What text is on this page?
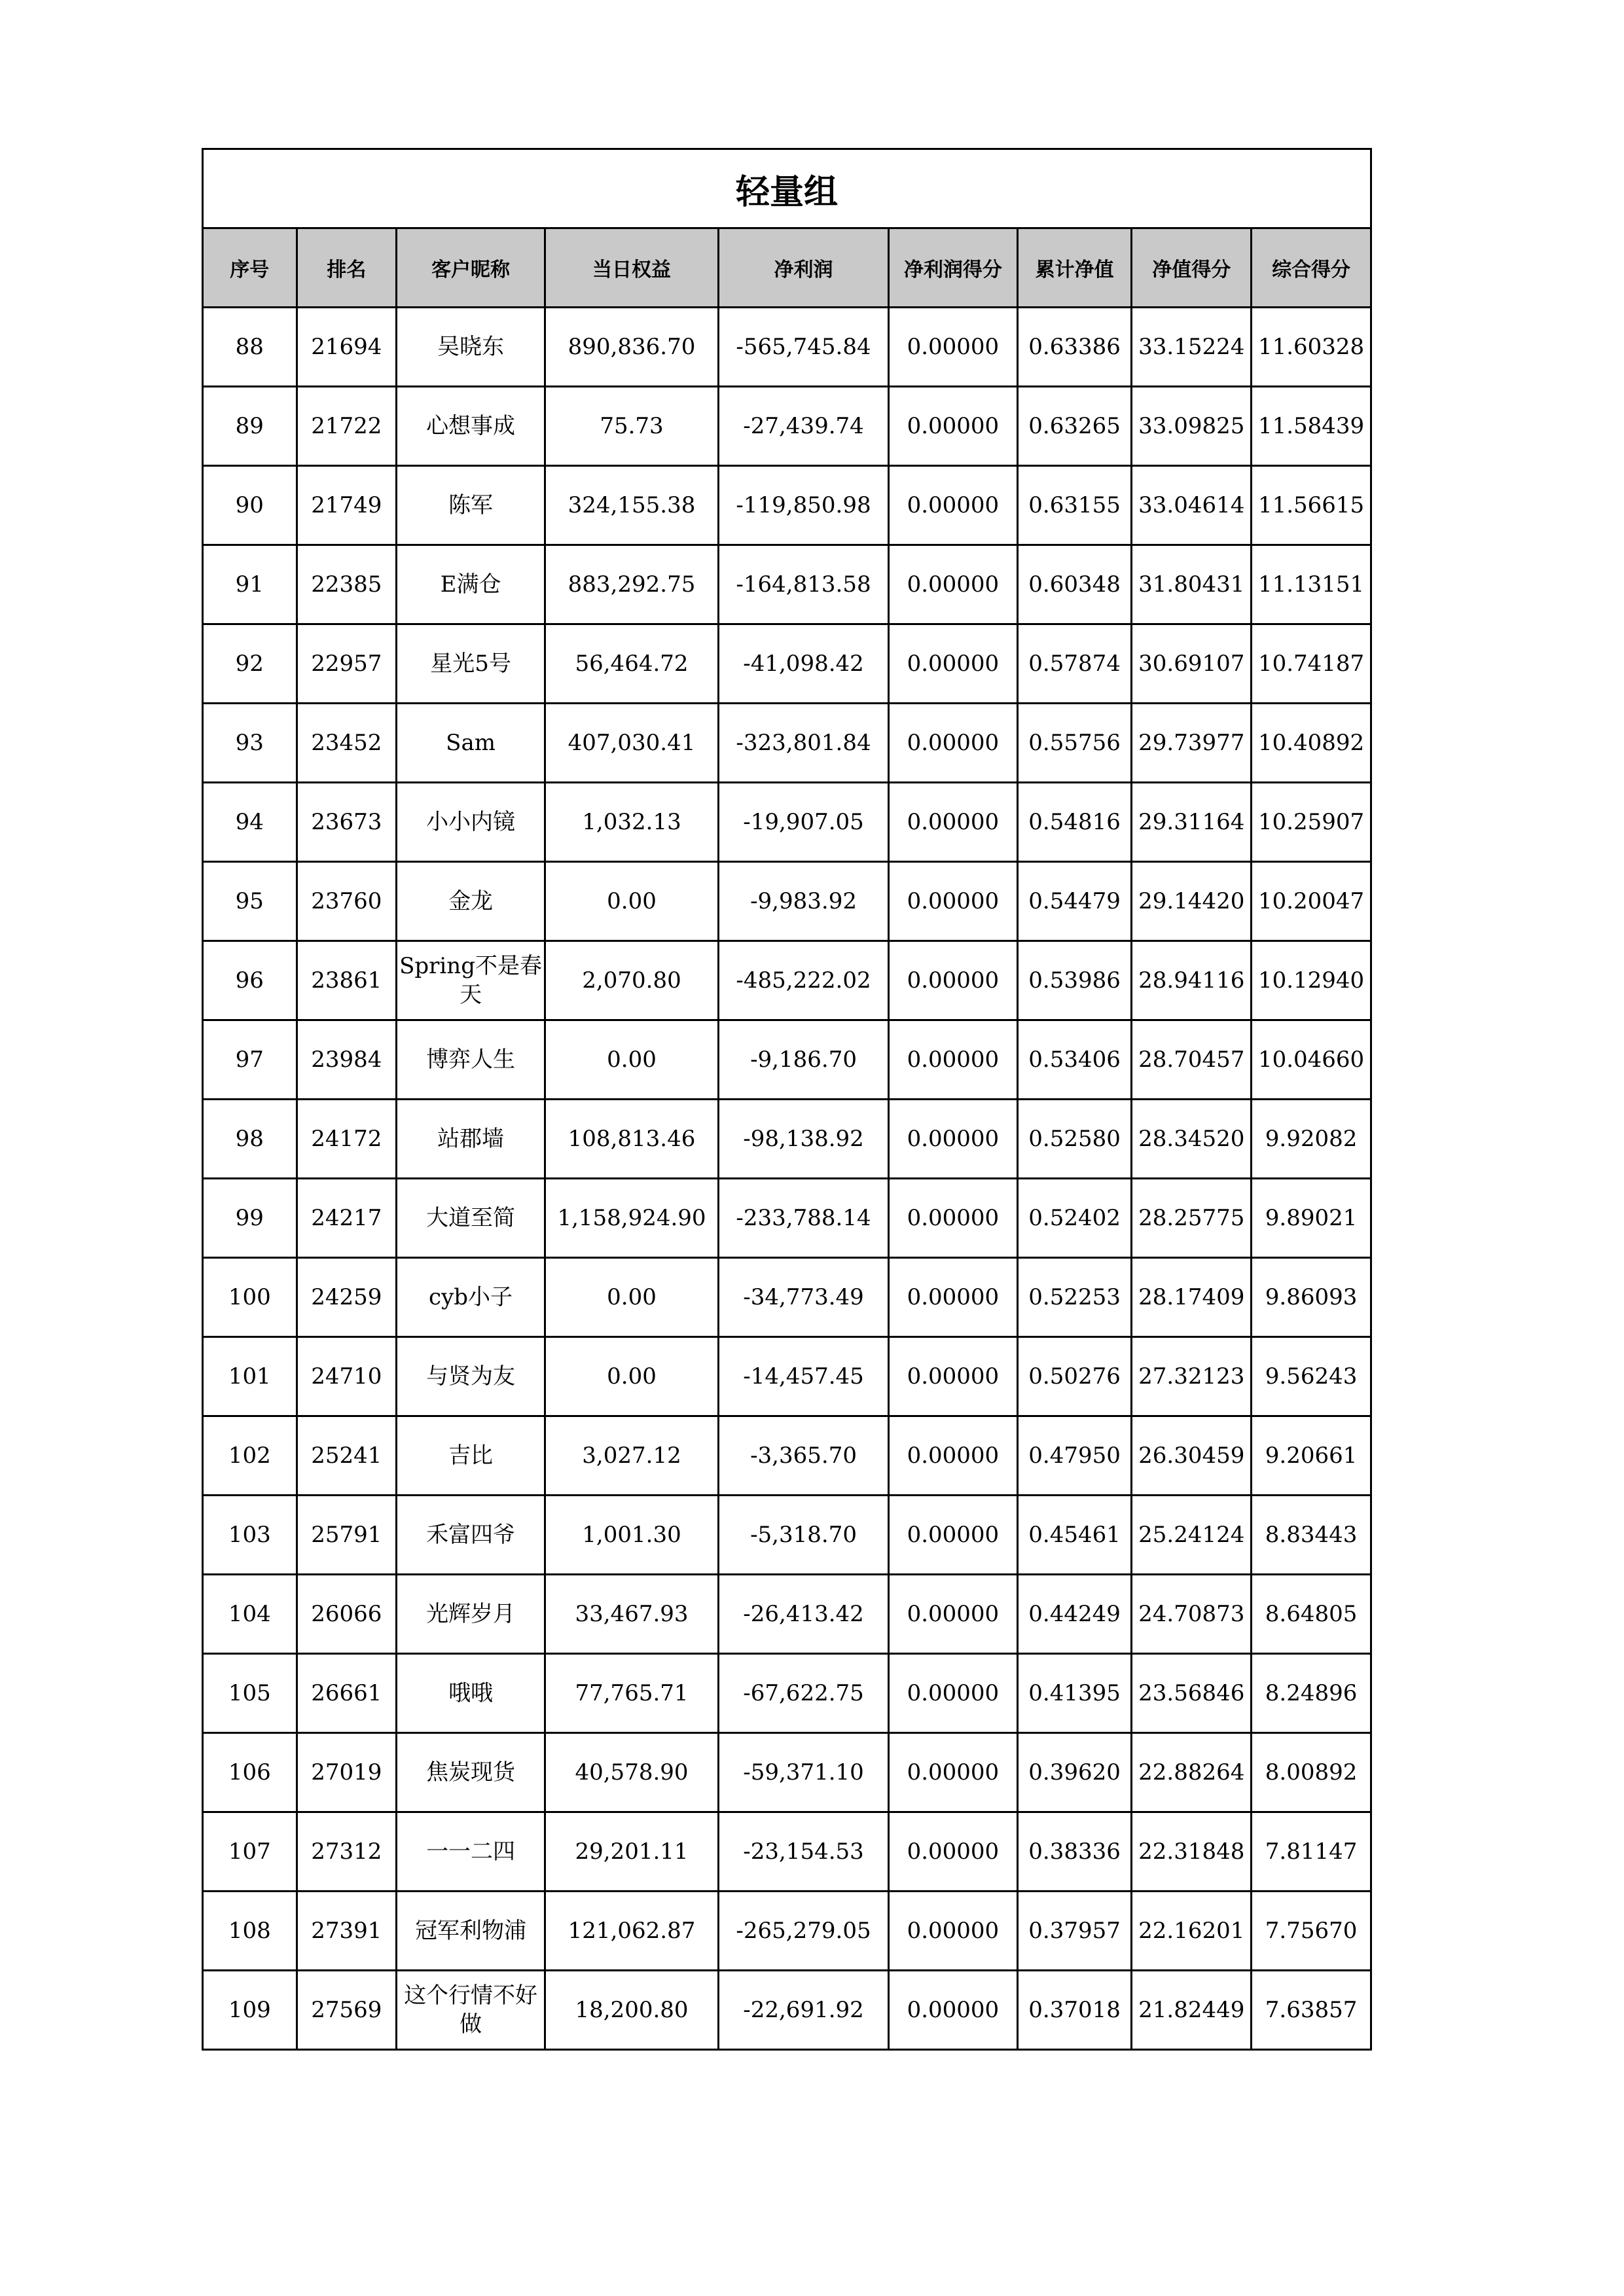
轻量组								
序号	排名	客户昵称	当日权益	净利润	净利润得分	累计净值	净值得分	综合得分
88	21694	吴晓东	890,836.70	-565,745.84	0.00000	0.63386	33.15224	11.60328
89	21722	心想事成	75.73	-27,439.74	0.00000	0.63265	33.09825	11.58439
90	21749	陈军	324,155.38	-119,850.98	0.00000	0.63155	33.04614	11.56615
91	22385	E满仓	883,292.75	-164,813.58	0.00000	0.60348	31.80431	11.13151
92	22957	星光5号	56,464.72	-41,098.42	0.00000	0.57874	30.69107	10.74187
93	23452	Sam	407,030.41	-323,801.84	0.00000	0.55756	29.73977	10.40892
94	23673	小小内镜	1,032.13	-19,907.05	0.00000	0.54816	29.31164	10.25907
95	23760	金龙	0.00	-9,983.92	0.00000	0.54479	29.14420	10.20047
96	23861	Spring不是春天	2,070.80	-485,222.02	0.00000	0.53986	28.94116	10.12940
97	23984	博弈人生	0.00	-9,186.70	0.00000	0.53406	28.70457	10.04660
98	24172	站郡墙	108,813.46	-98,138.92	0.00000	0.52580	28.34520	9.92082
99	24217	大道至简	1,158,924.90	-233,788.14	0.00000	0.52402	28.25775	9.89021
100	24259	cyb小子	0.00	-34,773.49	0.00000	0.52253	28.17409	9.86093
101	24710	与贤为友	0.00	-14,457.45	0.00000	0.50276	27.32123	9.56243
102	25241	吉比	3,027.12	-3,365.70	0.00000	0.47950	26.30459	9.20661
103	25791	禾富四爷	1,001.30	-5,318.70	0.00000	0.45461	25.24124	8.83443
104	26066	光辉岁月	33,467.93	-26,413.42	0.00000	0.44249	24.70873	8.64805
105	26661	哦哦	77,765.71	-67,622.75	0.00000	0.41395	23.56846	8.24896
106	27019	焦炭现货	40,578.90	-59,371.10	0.00000	0.39620	22.88264	8.00892
107	27312	一一二四	29,201.11	-23,154.53	0.00000	0.38336	22.31848	7.81147
108	27391	冠军利物浦	121,062.87	-265,279.05	0.00000	0.37957	22.16201	7.75670
109	27569	这个行情不好做	18,200.80	-22,691.92	0.00000	0.37018	21.82449	7.63857
